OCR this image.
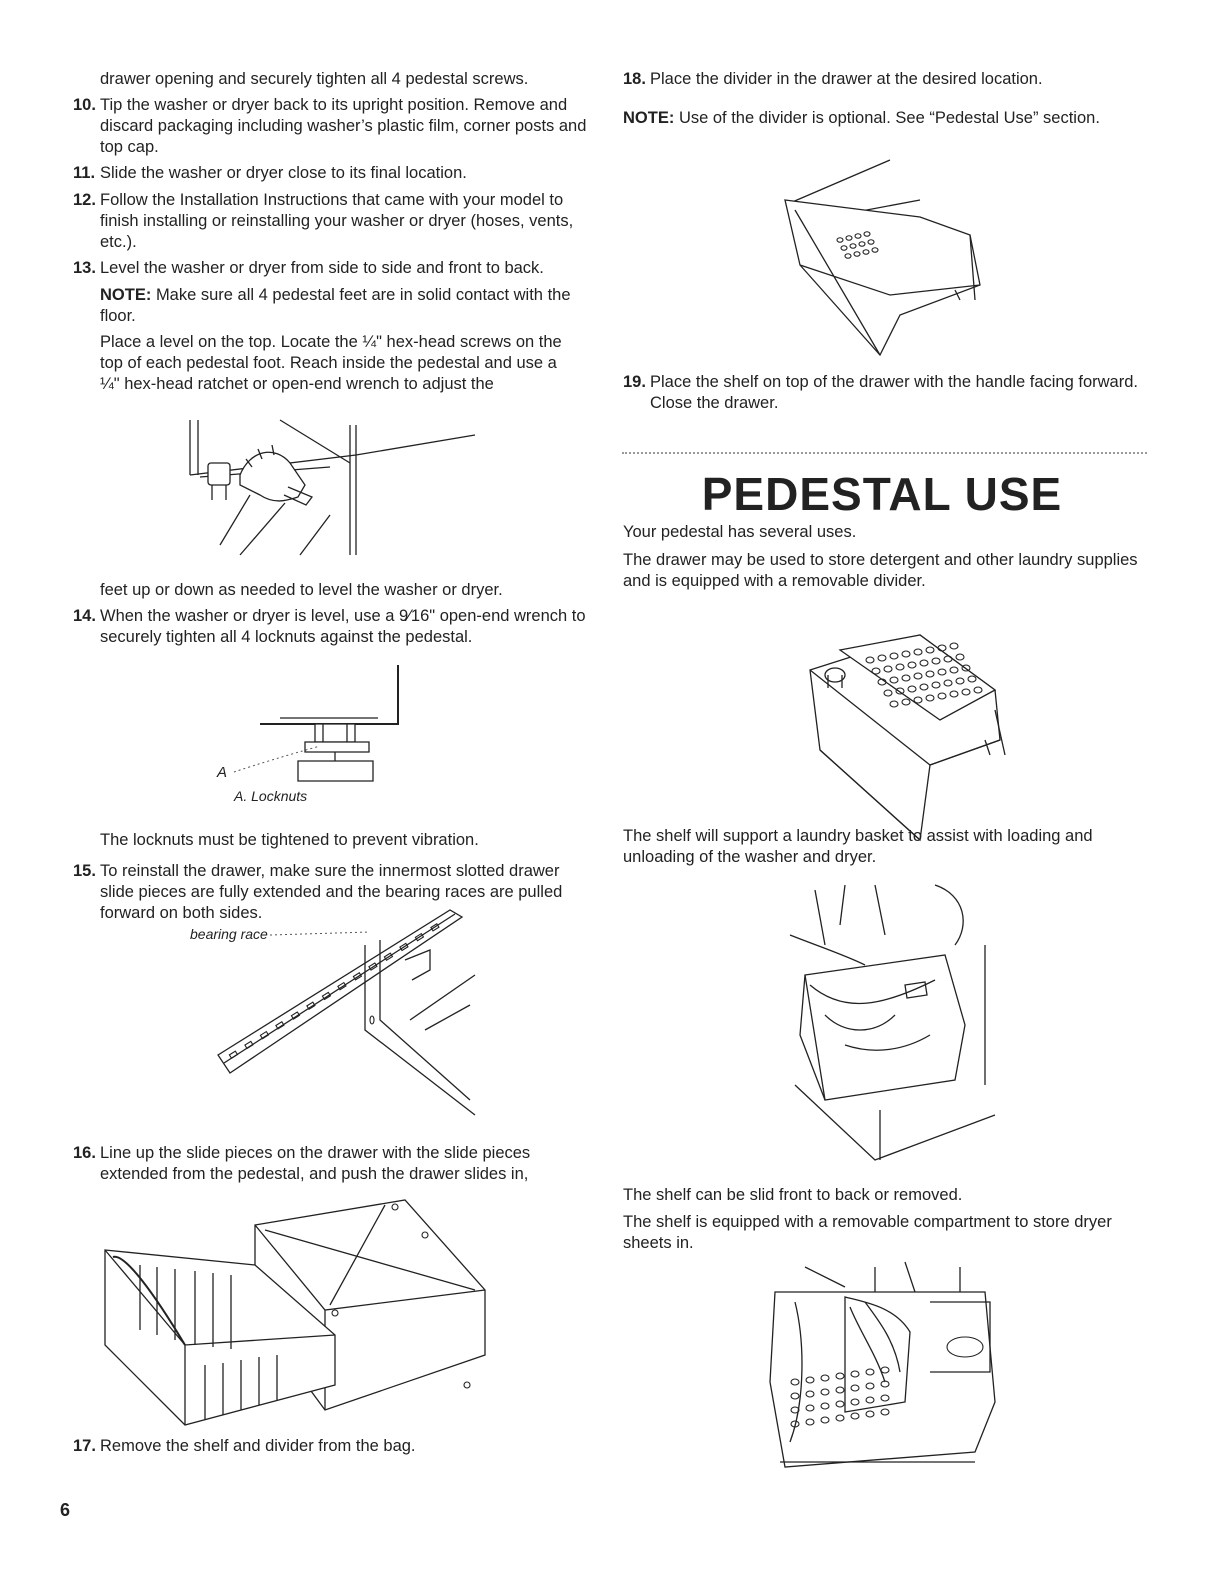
drawer opening and securely tighten all 4 pedestal screws.
10. Tip the washer or dryer back to its upright position. Remove and discard packaging including washer’s plastic film, corner posts and top cap.
11. Slide the washer or dryer close to its final location.
12. Follow the Installation Instructions that came with your model to finish installing or reinstalling your washer or dryer (hoses, vents, etc.).
13. Level the washer or dryer from side to side and front to back.
NOTE: Make sure all 4 pedestal feet are in solid contact with the floor.
Place a level on the top. Locate the ¼" hex-head screws on the top of each pedestal foot. Reach inside the pedestal and use a ¼" hex-head ratchet or open-end wrench to adjust the
feet up or down as needed to level the washer or dryer.
14. When the washer or dryer is level, use a 9⁄16" open-end wrench to securely tighten all 4 locknuts against the pedestal.
A
A. Locknuts
The locknuts must be tightened to prevent vibration.
15. To reinstall the drawer, make sure the innermost slotted drawer slide pieces are fully extended and the bearing races are pulled forward on both sides.
bearing race
16. Line up the slide pieces on the drawer with the slide pieces extended from the pedestal, and push the drawer slides in,
17. Remove the shelf and divider from the bag.
6
18. Place the divider in the drawer at the desired location.
NOTE: Use of the divider is optional. See “Pedestal Use” section.
19. Place the shelf on top of the drawer with the handle facing forward. Close the drawer.
PEDESTAL USE
Your pedestal has several uses.
The drawer may be used to store detergent and other laundry supplies and is equipped with a removable divider.
The shelf will support a laundry basket to assist with loading and unloading of the washer and dryer.
The shelf can be slid front to back or removed.
The shelf is equipped with a removable compartment to store dryer sheets in.
